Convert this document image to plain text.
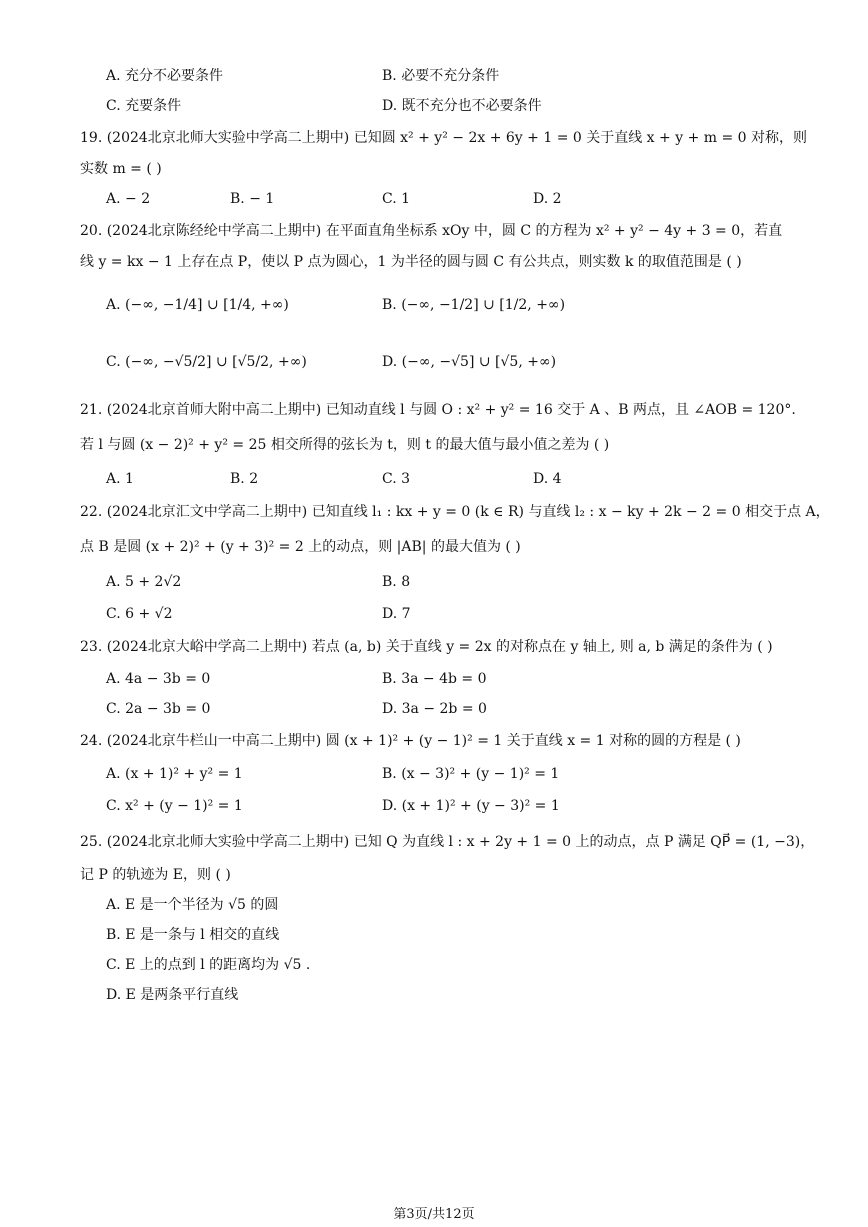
A. 充分不必要条件	B. 必要不充分条件
C. 充要条件	D. 既不充分也不必要条件
19. (2024北京北师大实验中学高二上期中) 已知圆 x² + y² − 2x + 6y + 1 = 0 关于直线 x + y + m = 0 对称，则
实数 m = ( )
A. − 2	B. − 1	C. 1	D. 2
20. (2024北京陈经纶中学高二上期中) 在平面直角坐标系 xOy 中，圆 C 的方程为 x² + y² − 4y + 3 = 0，若直
线 y = kx − 1 上存在点 P，使以 P 点为圆心，1 为半径的圆与圆 C 有公共点，则实数 k 的取值范围是 ( )
A. (−∞, −1/4] ∪ [1/4, +∞)	B. (−∞, −1/2] ∪ [1/2, +∞)
C. (−∞, −√5/2] ∪ [√5/2, +∞)	D. (−∞, −√5] ∪ [√5, +∞)
21. (2024北京首师大附中高二上期中) 已知动直线 l 与圆 O : x² + y² = 16 交于 A 、B 两点，且 ∠AOB = 120°.
若 l 与圆 (x − 2)² + y² = 25 相交所得的弦长为 t，则 t 的最大值与最小值之差为 ( )
A. 1	B. 2	C. 3	D. 4
22. (2024北京汇文中学高二上期中) 已知直线 l₁ : kx + y = 0 (k ∈ R) 与直线 l₂ : x − ky + 2k − 2 = 0 相交于点 A，
点 B 是圆 (x + 2)² + (y + 3)² = 2 上的动点，则 |AB| 的最大值为 ( )
A. 5 + 2√2	B. 8
C. 6 + √2	D. 7
23. (2024北京大峪中学高二上期中) 若点 (a, b) 关于直线 y = 2x 的对称点在 y 轴上, 则 a, b 满足的条件为 ( )
A. 4a − 3b = 0	B. 3a − 4b = 0
C. 2a − 3b = 0	D. 3a − 2b = 0
24. (2024北京牛栏山一中高二上期中) 圆 (x + 1)² + (y − 1)² = 1 关于直线 x = 1 对称的圆的方程是 ( )
A. (x + 1)² + y² = 1	B. (x − 3)² + (y − 1)² = 1
C. x² + (y − 1)² = 1	D. (x + 1)² + (y − 3)² = 1
25. (2024北京北师大实验中学高二上期中) 已知 Q 为直线 l : x + 2y + 1 = 0 上的动点，点 P 满足 QP⃗ = (1, −3)，
记 P 的轨迹为 E，则 ( )
A. E 是一个半径为 √5 的圆
B. E 是一条与 l 相交的直线
C. E 上的点到 l 的距离均为 √5 .
D. E 是两条平行直线
第3页/共12页
